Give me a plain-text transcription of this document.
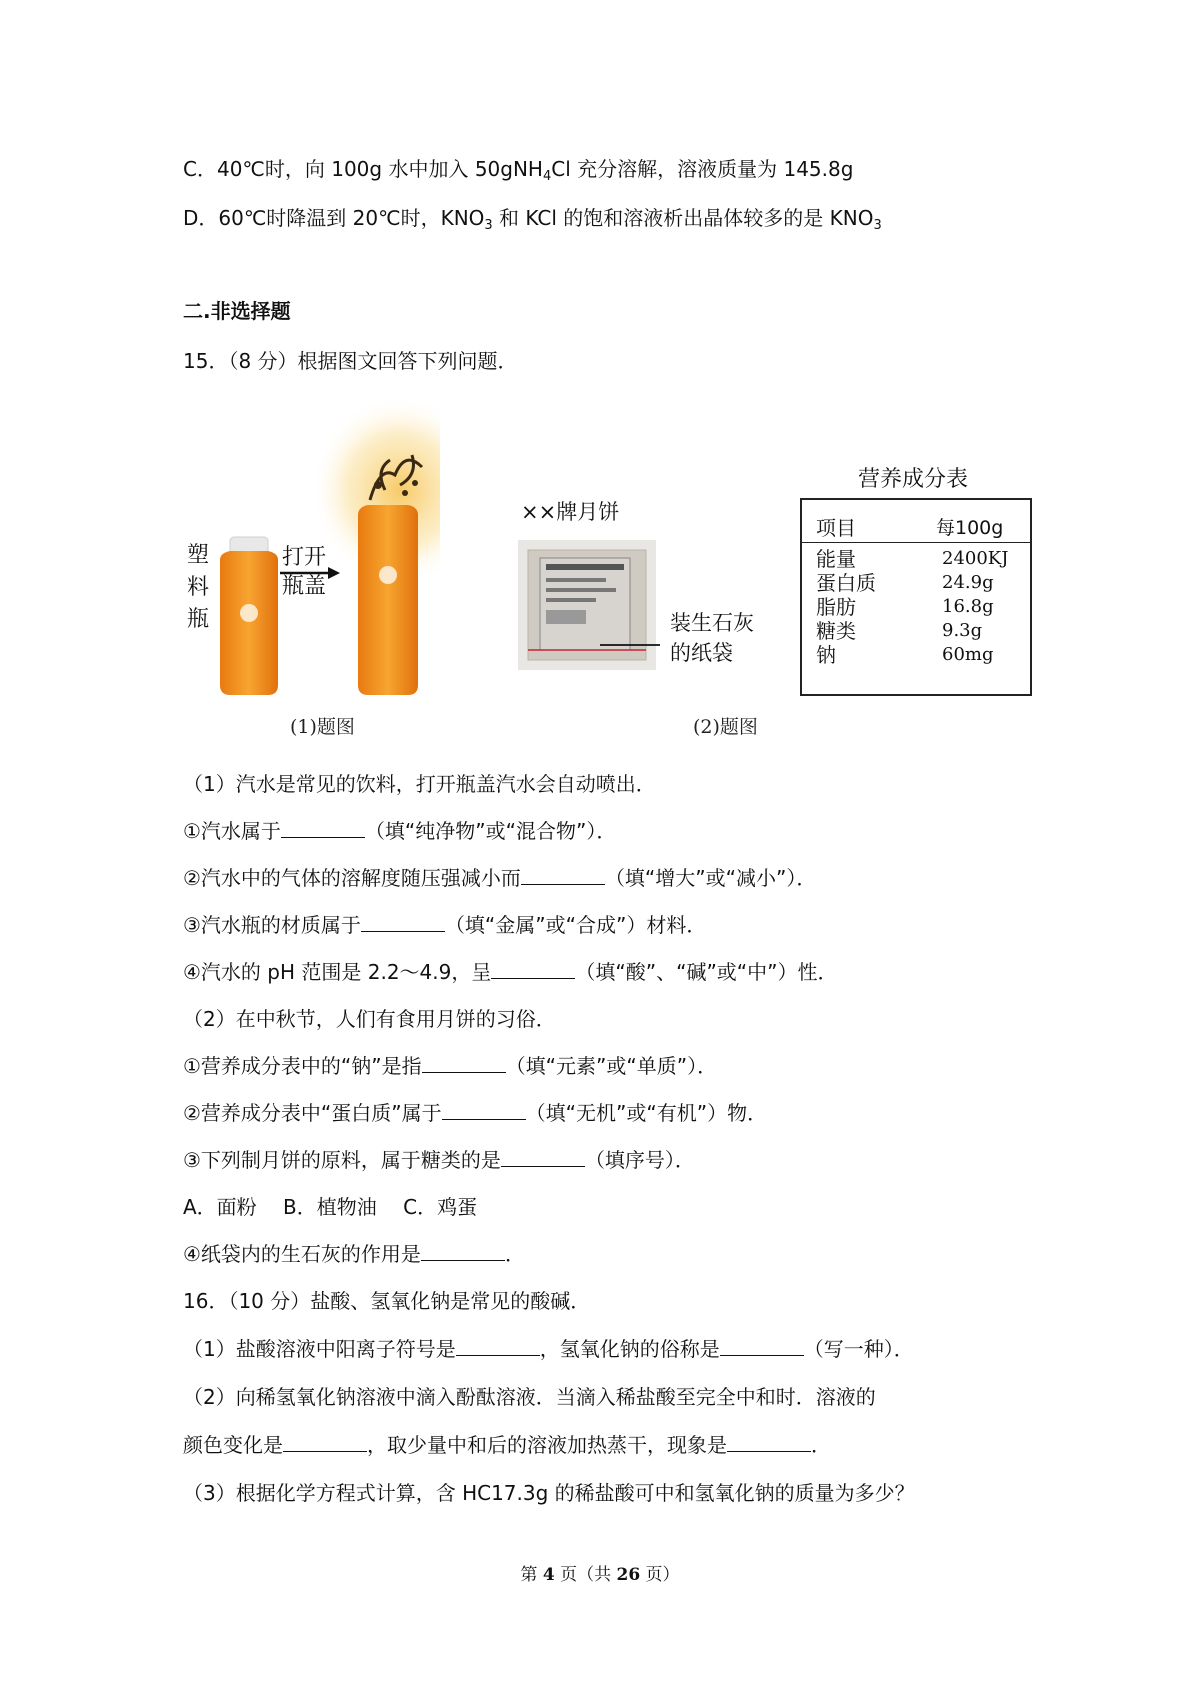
C．40℃时，向 100g 水中加入 50gNH$_4$Cl 充分溶解，溶液质量为 145.8g
D．60℃时降温到 20℃时，$KNO_3$ 和 KCl 的饱和溶液析出晶体较多的是 $KNO_3$
二.非选择题
15．（8 分）根据图文回答下列问题．
塑
料
瓶
打开
瓶盖
(1)题图
××牌月饼
装生石灰
的纸袋
(2)题图
营养成分表
项目	每100g
能量	2400KJ
蛋白质	24.9g
脂肪	16.8g
糖类	9.3g
钠	60mg
（1）汽水是常见的饮料，打开瓶盖汽水会自动喷出．
①汽水属于	（填“纯净物”或“混合物”）．
②汽水中的气体的溶解度随压强减小而	（填“增大”或“减小”）．
③汽水瓶的材质属于	（填“金属”或“合成”）材料．
④汽水的 pH 范围是 2.2～4.9，呈	（填“酸”、“碱”或“中”）性．
（2）在中秋节，人们有食用月饼的习俗．
①营养成分表中的“钠”是指	（填“元素”或“单质”）．
②营养成分表中“蛋白质”属于	（填“无机”或“有机”）物．
③下列制月饼的原料，属于糖类的是	（填序号）．
A．面粉　 B．植物油　 C．鸡蛋
④纸袋内的生石灰的作用是	．
16．（10 分）盐酸、氢氧化钠是常见的酸碱．
（1）盐酸溶液中阳离子符号是	，氢氧化钠的俗称是	（写一种）．
（2）向稀氢氧化钠溶液中滴入酚酞溶液．当滴入稀盐酸至完全中和时．溶液的
颜色变化是	，取少量中和后的溶液加热蒸干，现象是	．
（3）根据化学方程式计算，含 HC17.3g 的稀盐酸可中和氢氧化钠的质量为多少？
第 4 页（共 26 页）
